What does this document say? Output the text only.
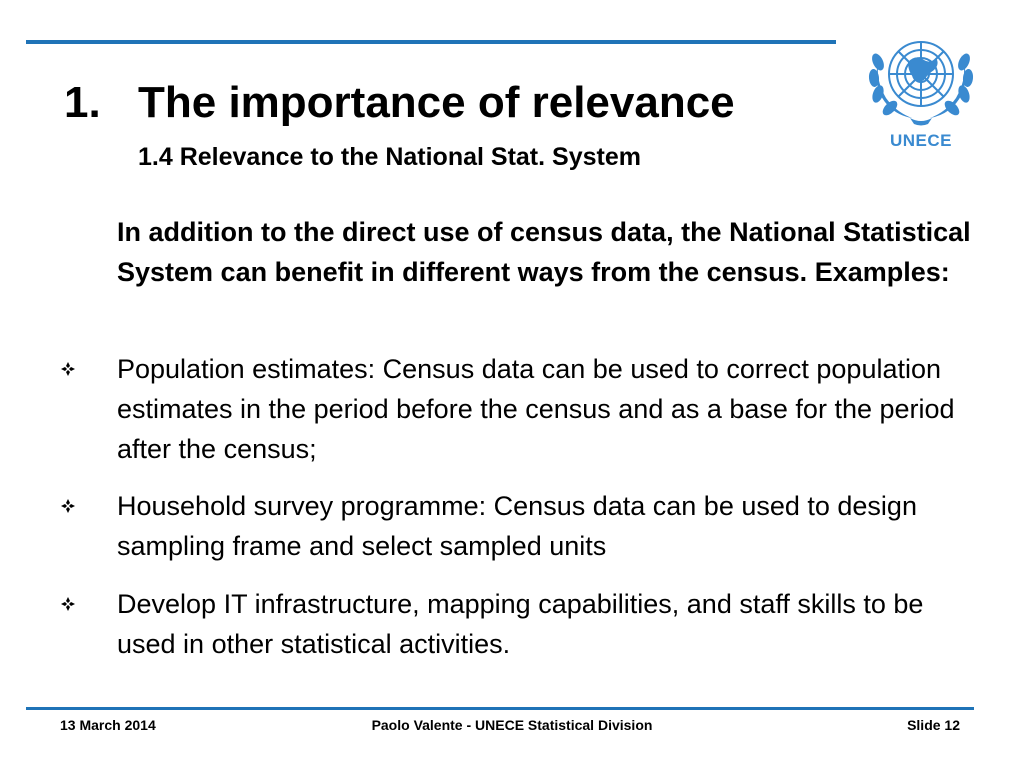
UNECE
1. The importance of relevance
1.4 Relevance to the National Stat. System
In addition to the direct use of census data, the National Statistical System can benefit in different ways from the census. Examples:
Population estimates: Census data can be used to correct population estimates in the period before the census and as a base for the period after the census;
Household survey programme: Census data can be used to design sampling frame and select sampled units
Develop IT infrastructure, mapping capabilities, and staff skills to be used in other statistical activities.
13 March 2014	Paolo Valente - UNECE Statistical Division	Slide 12
